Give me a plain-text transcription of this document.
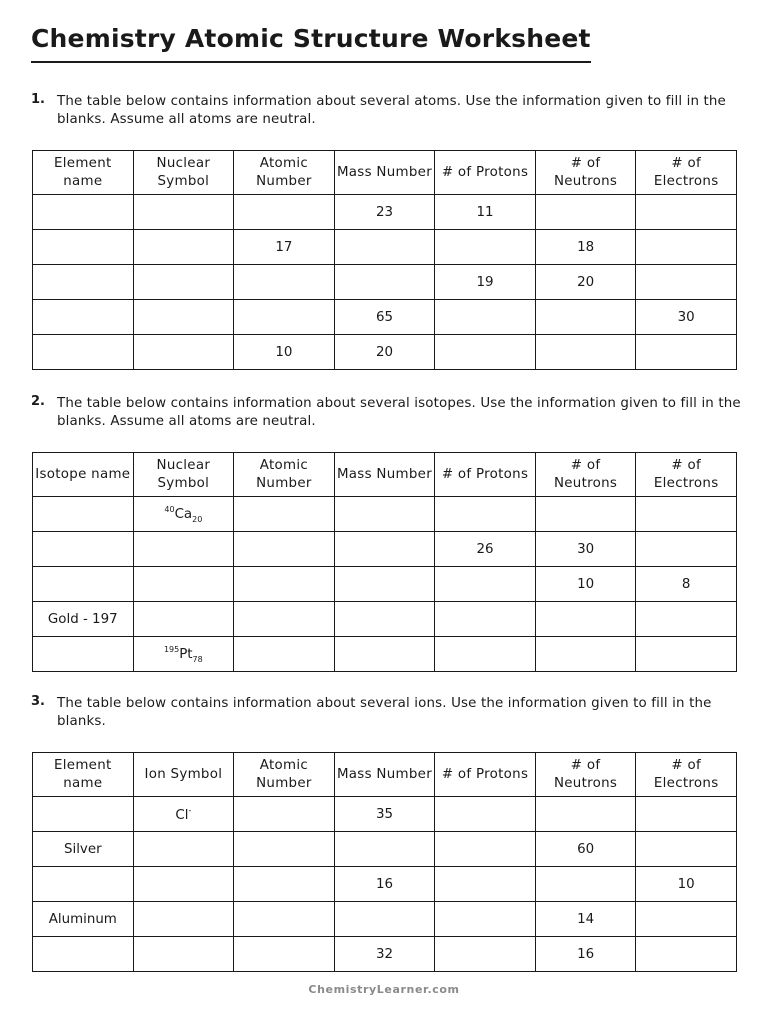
Chemistry Atomic Structure Worksheet
1. The table below contains information about several atoms. Use the information given to fill in the blanks. Assume all atoms are neutral.
Element name	Nuclear Symbol	Atomic Number	Mass Number	# of Protons	# of Neutrons	# of Electrons
			23	11		
		17			18	
				19	20	
			65			30
		10	20			
2. The table below contains information about several isotopes. Use the information given to fill in the blanks. Assume all atoms are neutral.
Isotope name	Nuclear Symbol	Atomic Number	Mass Number	# of Protons	# of Neutrons	# of Electrons
	$^{40}Ca_{20}$					
				26	30	
					10	8
Gold - 197						
	$^{195}Pt_{78}$					
3. The table below contains information about several ions. Use the information given to fill in the blanks.
Element name	Ion Symbol	Atomic Number	Mass Number	# of Protons	# of Neutrons	# of Electrons
	Cl-		35			
Silver					60	
			16			10
Aluminum					14	
			32		16	
ChemistryLearner.com
